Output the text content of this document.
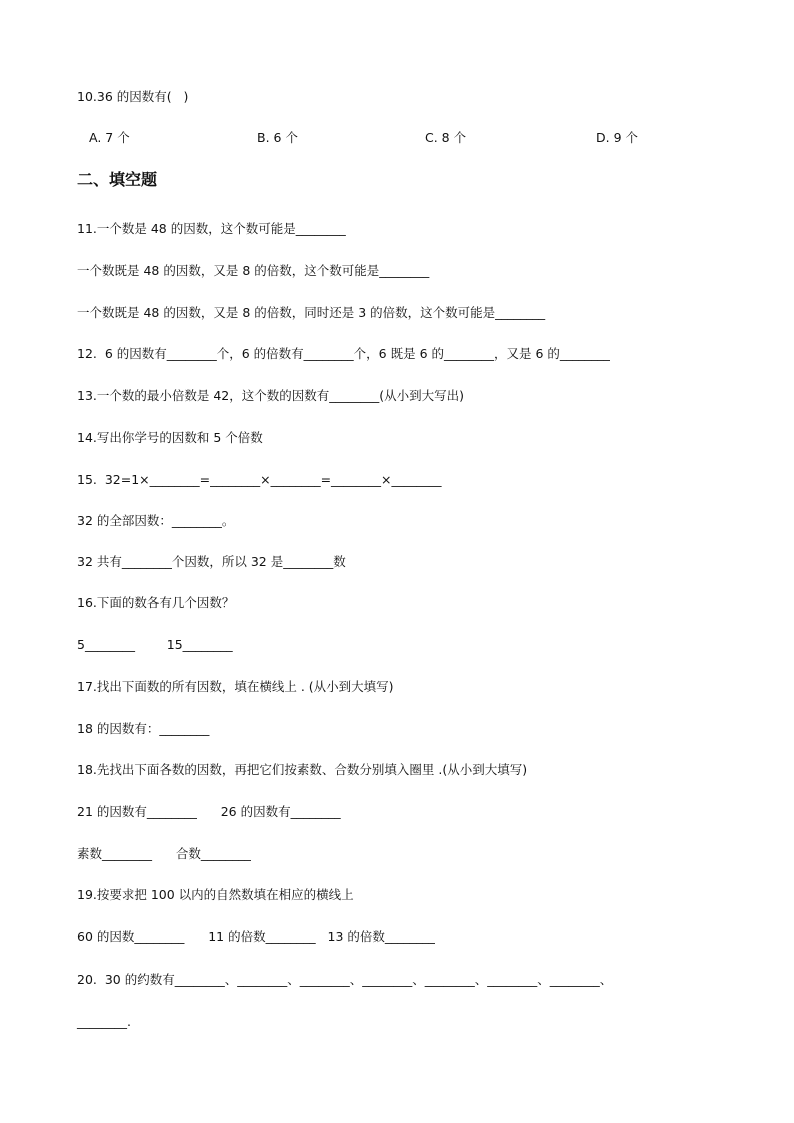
10.36 的因数有(   )
A. 7 个	B. 6 个	C. 8 个	D. 9 个
二、填空题
11.一个数是 48 的因数，这个数可能是________
一个数既是 48 的因数，又是 8 的倍数，这个数可能是________
一个数既是 48 的因数，又是 8 的倍数，同时还是 3 的倍数，这个数可能是________
12.  6 的因数有________个，6 的倍数有________个，6 既是 6 的________，又是 6 的________
13.一个数的最小倍数是 42，这个数的因数有________(从小到大写出)
14.写出你学号的因数和 5 个倍数
15.  32=1×________=________×________=________×________
32 的全部因数：________。
32 共有________个因数，所以 32 是________数
16.下面的数各有几个因数？
5________        15________
17.找出下面数的所有因数，填在横线上 . (从小到大填写)
18 的因数有：________
18.先找出下面各数的因数，再把它们按素数、合数分别填入圈里 .(从小到大填写)
21 的因数有________      26 的因数有________
素数________      合数________
19.按要求把 100 以内的自然数填在相应的横线上
60 的因数________      11 的倍数________   13 的倍数________
20.  30 的约数有________、________、________、________、________、________、________、
________.
